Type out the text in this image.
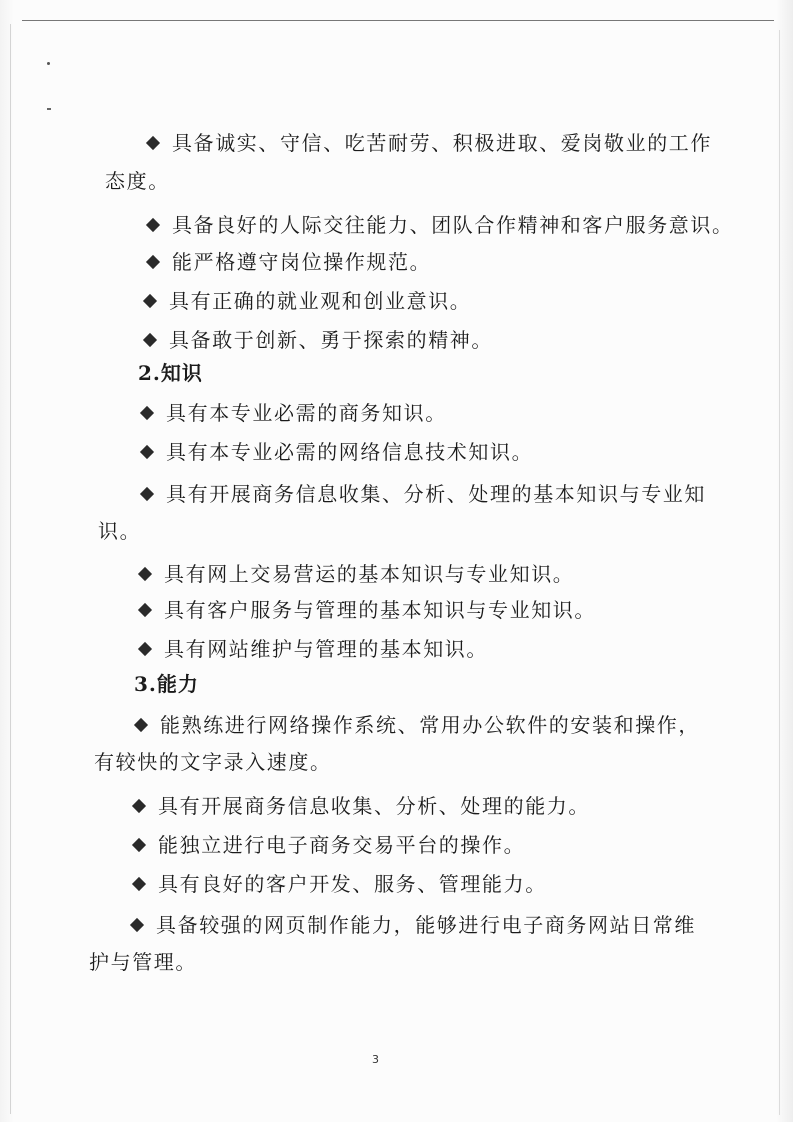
具备诚实、守信、吃苦耐劳、积极进取、爱岗敬业的工作
态度。
具备良好的人际交往能力、团队合作精神和客户服务意识。
能严格遵守岗位操作规范。
具有正确的就业观和创业意识。
具备敢于创新、勇于探索的精神。
2.知识
具有本专业必需的商务知识。
具有本专业必需的网络信息技术知识。
具有开展商务信息收集、分析、处理的基本知识与专业知
识。
具有网上交易营运的基本知识与专业知识。
具有客户服务与管理的基本知识与专业知识。
具有网站维护与管理的基本知识。
3.能力
能熟练进行网络操作系统、常用办公软件的安装和操作，
有较快的文字录入速度。
具有开展商务信息收集、分析、处理的能力。
能独立进行电子商务交易平台的操作。
具有良好的客户开发、服务、管理能力。
具备较强的网页制作能力，能够进行电子商务网站日常维
护与管理。
3
